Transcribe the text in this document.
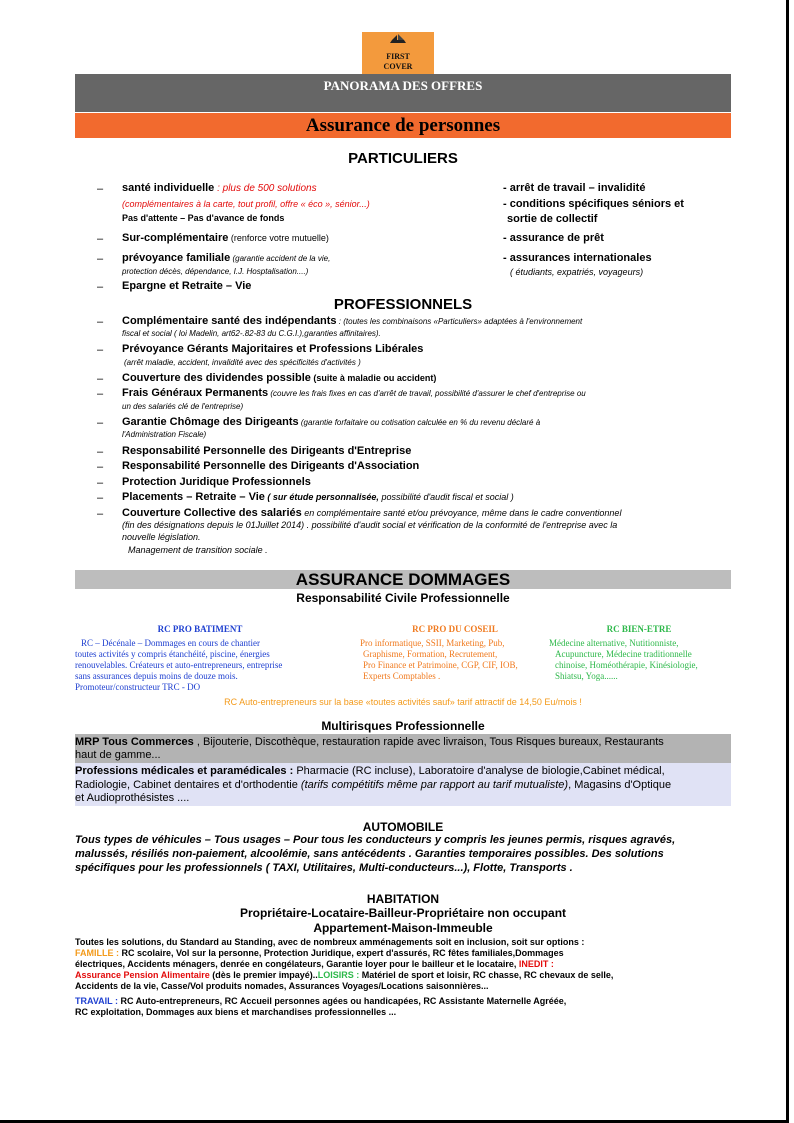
FIRST
COVER
PANORAMA DES OFFRES
Assurance de personnes
PARTICULIERS
– santé individuelle : plus de 500 solutions
(complémentaires à la carte, tout profil, offre « éco », sénior...)
Pas d'attente – Pas d'avance de fonds
– Sur-complémentaire (renforce votre mutuelle)
– prévoyance familiale (garantie accident de la vie,
protection décès, dépendance, I.J. Hosptalisation....)
– Epargne et Retraite – Vie
- arrêt de travail – invalidité
- conditions spécifiques séniors et
sortie de collectif
- assurance de prêt
- assurances internationales
( étudiants, expatriés, voyageurs)
PROFESSIONNELS
– Complémentaire santé des indépendants : (toutes les combinaisons «Particuliers» adaptées à l'environnement
fiscal et social ( loi Madelin, art62-.82-83 du C.G.I.),garanties affinitaires).
– Prévoyance Gérants Majoritaires et Professions Libérales
(arrêt maladie, accident, invalidité avec des spécificités d'activités )
– Couverture des dividendes possible (suite à maladie ou accident)
– Frais Généraux Permanents (couvre les frais fixes en cas d'arrêt de travail, possibilité d'assurer le chef d'entreprise ou
un des salariés clé de l'entreprise)
– Garantie Chômage des Dirigeants (garantie forfaitaire ou cotisation calculée en % du revenu déclaré à
l'Administration Fiscale)
– Responsabilité Personnelle des Dirigeants d'Entreprise
– Responsabilité Personnelle des Dirigeants d'Association
– Protection Juridique Professionnels
– Placements – Retraite – Vie ( sur étude personnalisée, possibilité d'audit fiscal et social )
– Couverture Collective des salariés en complémentaire santé et/ou prévoyance, même dans le cadre conventionnel
(fin des désignations depuis le 01Juillet 2014) . possibilité d'audit social et vérification de la conformité de l'entreprise avec la
nouvelle législation.
Management de transition sociale .
ASSURANCE DOMMAGES
Responsabilité Civile Professionnelle
RC PRO BATIMENT
RC – Décénale – Dommages en cours de chantier
toutes activités y compris étanchéité, piscine, énergies
renouvelables. Créateurs et auto-entrepreneurs, entreprise
sans assurances depuis moins de douze mois.
Promoteur/constructeur TRC - DO
RC PRO DU COSEIL
Pro informatique, SSII, Marketing, Pub,
Graphisme, Formation, Recrutement,
Pro Finance et Patrimoine, CGP, CIF, IOB,
Experts Comptables .
RC BIEN-ETRE
Médecine alternative, Nutitionniste,
Acupuncture, Médecine traditionnelle
chinoise, Homéothérapie, Kinésiologie,
Shiatsu, Yoga......
RC Auto-entrepreneurs sur la base «toutes activités sauf» tarif attractif de 14,50 Eu/mois !
Multirisques Professionnelle
MRP Tous Commerces , Bijouterie, Discothèque, restauration rapide avec livraison, Tous Risques bureaux, Restaurants
haut de gamme...
Professions médicales et paramédicales : Pharmacie (RC incluse), Laboratoire d'analyse de biologie,Cabinet médical,
Radiologie, Cabinet dentaires et d'orthodentie (tarifs compétitifs même par rapport au tarif mutualiste), Magasins d'Optique
et Audioprothésistes ....
AUTOMOBILE
Tous types de véhicules – Tous usages – Pour tous les conducteurs y compris les jeunes permis, risques agravés,
malussés, résiliés non-paiement, alcoolémie, sans antécédents . Garanties temporaires possibles. Des solutions
spécifiques pour les professionnels ( TAXI, Utilitaires, Multi-conducteurs...), Flotte, Transports .
HABITATION
Propriétaire-Locataire-Bailleur-Propriétaire non occupant
Appartement-Maison-Immeuble
Toutes les solutions, du Standard au Standing, avec de nombreux amménagements soit en inclusion, soit sur options :
FAMILLE : RC scolaire, Vol sur la personne, Protection Juridique, expert d'assurés, RC fêtes familiales,Dommages
électriques, Accidents ménagers, denrée en congélateurs, Garantie loyer pour le bailleur et le locataire, INEDIT :
Assurance Pension Alimentaire (dès le premier impayé)..LOISIRS : Matériel de sport et loisir, RC chasse, RC chevaux de selle,
Accidents de la vie, Casse/Vol produits nomades, Assurances Voyages/Locations saisonnières...
TRAVAIL : RC Auto-entrepreneurs, RC Accueil personnes agées ou handicapées, RC Assistante Maternelle Agréée,
RC exploitation, Dommages aux biens et marchandises professionnelles ...
